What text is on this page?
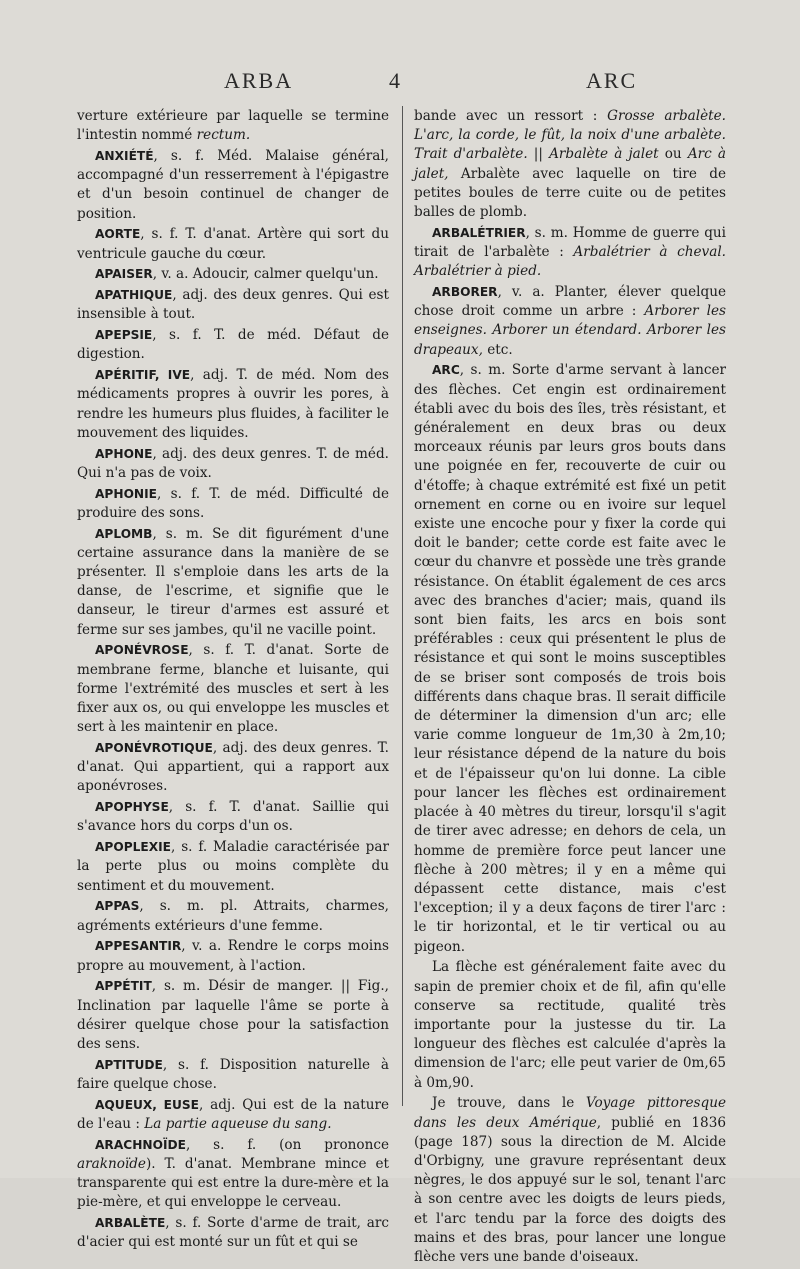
ARBA	4	ARC

verture extérieure par laquelle se termine l'intestin nommé rectum.

ANXIÉTÉ, s. f. Méd. Malaise général, accompagné d'un resserrement à l'épigastre et d'un besoin continuel de changer de position.

AORTE, s. f. T. d'anat. Artère qui sort du ventricule gauche du cœur.

APAISER, v. a. Adoucir, calmer quelqu'un.

APATHIQUE, adj. des deux genres. Qui est insensible à tout.

APEPSIE, s. f. T. de méd. Défaut de digestion.

APÉRITIF, IVE, adj. T. de méd. Nom des médicaments propres à ouvrir les pores, à rendre les humeurs plus fluides, à faciliter le mouvement des liquides.

APHONE, adj. des deux genres. T. de méd. Qui n'a pas de voix.

APHONIE, s. f. T. de méd. Difficulté de produire des sons.

APLOMB, s. m. Se dit figurément d'une certaine assurance dans la manière de se présenter. Il s'emploie dans les arts de la danse, de l'escrime, et signifie que le danseur, le tireur d'armes est assuré et ferme sur ses jambes, qu'il ne vacille point.

APONÉVROSE, s. f. T. d'anat. Sorte de membrane ferme, blanche et luisante, qui forme l'extrémité des muscles et sert à les fixer aux os, ou qui enveloppe les muscles et sert à les maintenir en place.

APONÉVROTIQUE, adj. des deux genres. T. d'anat. Qui appartient, qui a rapport aux aponévroses.

APOPHYSE, s. f. T. d'anat. Saillie qui s'avance hors du corps d'un os.

APOPLEXIE, s. f. Maladie caractérisée par la perte plus ou moins complète du sentiment et du mouvement.

APPAS, s. m. pl. Attraits, charmes, agréments extérieurs d'une femme.

APPESANTIR, v. a. Rendre le corps moins propre au mouvement, à l'action.

APPÉTIT, s. m. Désir de manger. || Fig., Inclination par laquelle l'âme se porte à désirer quelque chose pour la satisfaction des sens.

APTITUDE, s. f. Disposition naturelle à faire quelque chose.

AQUEUX, EUSE, adj. Qui est de la nature de l'eau : La partie aqueuse du sang.

ARACHNOÏDE, s. f. (on prononce araknoïde). T. d'anat. Membrane mince et transparente qui est entre la dure-mère et la pie-mère, et qui enveloppe le cerveau.

ARBALÈTE, s. f. Sorte d'arme de trait, arc d'acier qui est monté sur un fût et qui se

bande avec un ressort : Grosse arbalète. L'arc, la corde, le fût, la noix d'une arbalète. Trait d'arbalète. || Arbalète à jalet ou Arc à jalet, Arbalète avec laquelle on tire de petites boules de terre cuite ou de petites balles de plomb.

ARBALÉTRIER, s. m. Homme de guerre qui tirait de l'arbalète : Arbalétrier à cheval. Arbalétrier à pied.

ARBORER, v. a. Planter, élever quelque chose droit comme un arbre : Arborer les enseignes. Arborer un étendard. Arborer les drapeaux, etc.

ARC, s. m. Sorte d'arme servant à lancer des flèches. Cet engin est ordinairement établi avec du bois des îles, très résistant, et généralement en deux bras ou deux morceaux réunis par leurs gros bouts dans une poignée en fer, recouverte de cuir ou d'étoffe; à chaque extrémité est fixé un petit ornement en corne ou en ivoire sur lequel existe une encoche pour y fixer la corde qui doit le bander; cette corde est faite avec le cœur du chanvre et possède une très grande résistance. On établit également de ces arcs avec des branches d'acier; mais, quand ils sont bien faits, les arcs en bois sont préférables : ceux qui présentent le plus de résistance et qui sont le moins susceptibles de se briser sont composés de trois bois différents dans chaque bras. Il serait difficile de déterminer la dimension d'un arc; elle varie comme longueur de 1m,30 à 2m,10; leur résistance dépend de la nature du bois et de l'épaisseur qu'on lui donne. La cible pour lancer les flèches est ordinairement placée à 40 mètres du tireur, lorsqu'il s'agit de tirer avec adresse; en dehors de cela, un homme de première force peut lancer une flèche à 200 mètres; il y en a même qui dépassent cette distance, mais c'est l'exception; il y a deux façons de tirer l'arc : le tir horizontal, et le tir vertical ou au pigeon.

La flèche est généralement faite avec du sapin de premier choix et de fil, afin qu'elle conserve sa rectitude, qualité très importante pour la justesse du tir. La longueur des flèches est calculée d'après la dimension de l'arc; elle peut varier de 0m,65 à 0m,90.

Je trouve, dans le Voyage pittoresque dans les deux Amérique, publié en 1836 (page 187) sous la direction de M. Alcide d'Orbigny, une gravure représentant deux nègres, le dos appuyé sur le sol, tenant l'arc à son centre avec les doigts de leurs pieds, et l'arc tendu par la force des doigts des mains et des bras, pour lancer une longue flèche vers une bande d'oiseaux.
